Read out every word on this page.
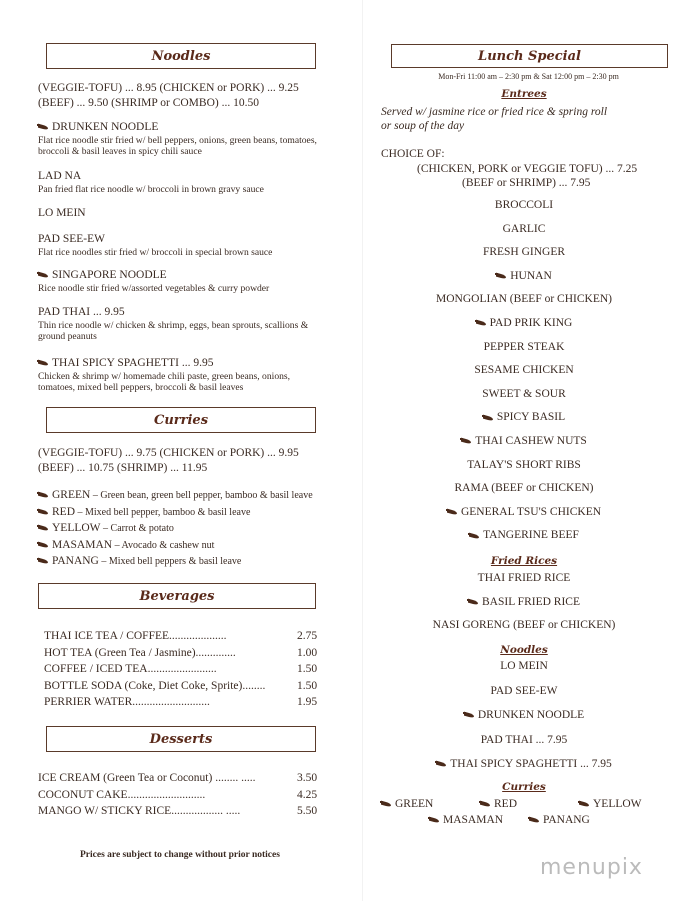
Noodles
(VEGGIE-TOFU) ... 8.95 (CHICKEN or PORK) ... 9.25
(BEEF) ... 9.50 (SHRIMP or COMBO) ... 10.50
DRUNKEN NOODLE
Flat rice noodle stir fried w/ bell peppers, onions, green beans, tomatoes, broccoli & basil leaves in spicy chili sauce
LAD NA
Pan fried flat rice noodle w/ broccoli in brown gravy sauce
LO MEIN
PAD SEE-EW
Flat rice noodles stir fried w/ broccoli in special brown sauce
SINGAPORE NOODLE
Rice noodle stir fried w/assorted vegetables & curry powder
PAD THAI ... 9.95
Thin rice noodle w/ chicken & shrimp, eggs, bean sprouts, scallions & ground peanuts
THAI SPICY SPAGHETTI ... 9.95
Chicken & shrimp w/ homemade chili paste, green beans, onions, tomatoes, mixed bell peppers, broccoli & basil leaves
Curries
(VEGGIE-TOFU) ... 9.75 (CHICKEN or PORK) ... 9.95
(BEEF) ... 10.75 (SHRIMP) ... 11.95
GREEN – Green bean, green bell pepper, bamboo & basil leave
RED – Mixed bell pepper, bamboo & basil leave
YELLOW – Carrot & potato
MASAMAN – Avocado & cashew nut
PANANG – Mixed bell peppers & basil leave
Beverages
THAI ICE TEA / COFFEE....................	2.75
HOT TEA (Green Tea / Jasmine)..............	1.00
COFFEE / ICED TEA........................	1.50
BOTTLE SODA (Coke, Diet Coke, Sprite)........	1.50
PERRIER WATER...........................	1.95
Desserts
ICE CREAM (Green Tea or Coconut) ........ .....	3.50
COCONUT CAKE...........................	4.25
MANGO W/ STICKY RICE.................. .....	5.50
Prices are subject to change without prior notices
Lunch Special
Mon-Fri 11:00 am – 2:30 pm & Sat 12:00 pm – 2:30 pm
Entrees
Served w/ jasmine rice or fried rice & spring roll
or soup of the day
CHOICE OF:
(CHICKEN, PORK or VEGGIE TOFU) ... 7.25
(BEEF or SHRIMP) ... 7.95
BROCCOLI
GARLIC
FRESH GINGER
HUNAN
MONGOLIAN (BEEF or CHICKEN)
PAD PRIK KING
PEPPER STEAK
SESAME CHICKEN
SWEET & SOUR
SPICY BASIL
THAI CASHEW NUTS
TALAY'S SHORT RIBS
RAMA (BEEF or CHICKEN)
GENERAL TSU'S CHICKEN
TANGERINE BEEF
Fried Rices
THAI FRIED RICE
BASIL FRIED RICE
NASI GORENG (BEEF or CHICKEN)
Noodles
LO MEIN
PAD SEE-EW
DRUNKEN NOODLE
PAD THAI ... 7.95
THAI SPICY SPAGHETTI ... 7.95
Curries
GREEN	RED	YELLOW
MASAMAN	PANANG
menupix
